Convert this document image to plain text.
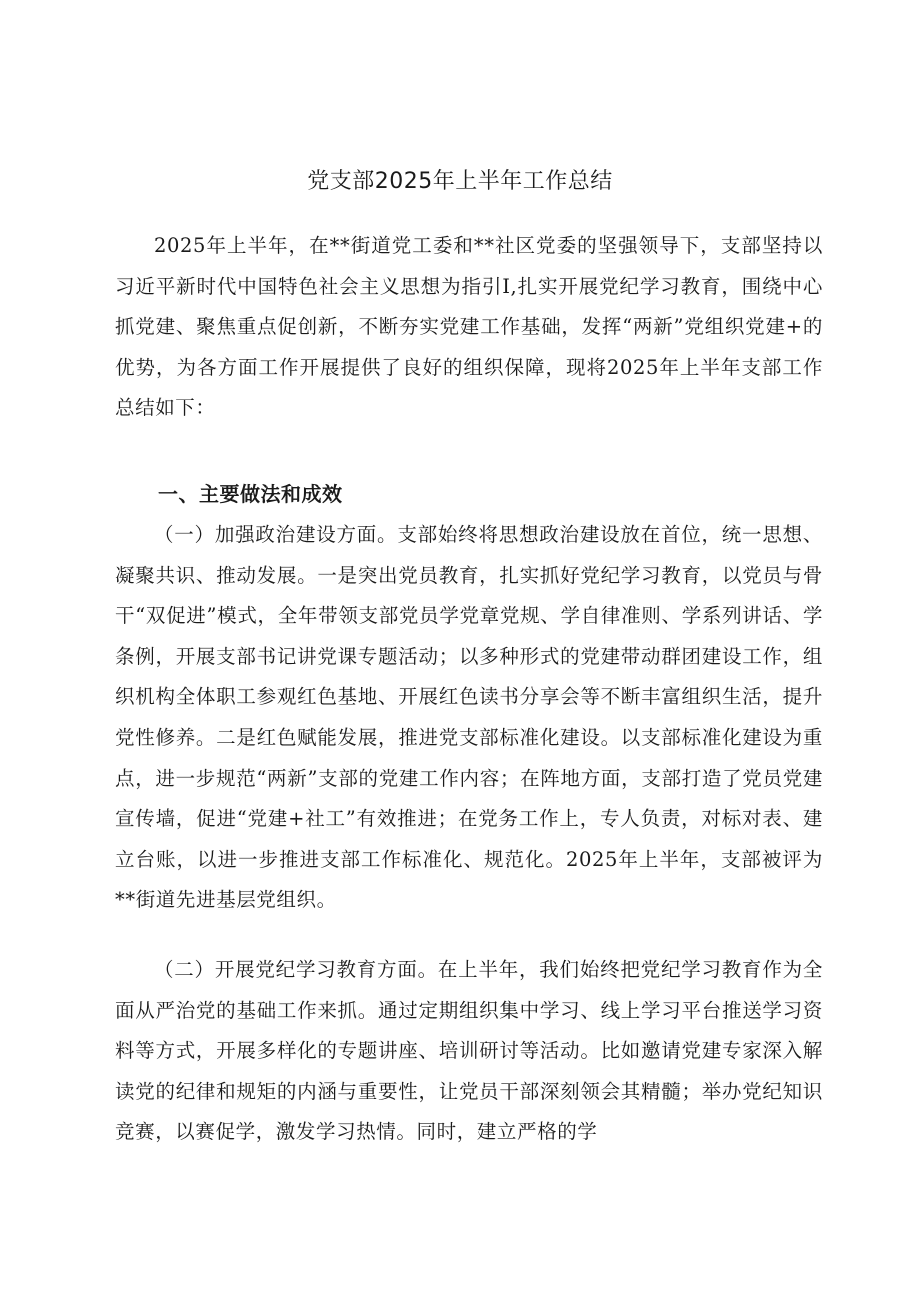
党支部2025年上半年工作总结

2025年上半年，在**街道党工委和**社区党委的坚强领导下，支部坚持以习近平新时代中国特色社会主义思想为指引I,扎实开展党纪学习教育，围绕中心抓党建、聚焦重点促创新，不断夯实党建工作基础，发挥“两新”党组织党建+的优势，为各方面工作开展提供了良好的组织保障，现将2025年上半年支部工作总结如下：

一、主要做法和成效

（一）加强政治建设方面。支部始终将思想政治建设放在首位，统一思想、凝聚共识、推动发展。一是突出党员教育，扎实抓好党纪学习教育，以党员与骨干“双促进”模式，全年带领支部党员学党章党规、学自律准则、学系列讲话、学条例，开展支部书记讲党课专题活动；以多种形式的党建带动群团建设工作，组织机构全体职工参观红色基地、开展红色读书分享会等不断丰富组织生活，提升党性修养。二是红色赋能发展，推进党支部标准化建设。以支部标准化建设为重点，进一步规范“两新”支部的党建工作内容；在阵地方面，支部打造了党员党建宣传墙，促进“党建+社工”有效推进；在党务工作上，专人负责，对标对表、建立台账，以进一步推进支部工作标准化、规范化。2025年上半年，支部被评为**街道先进基层党组织。

（二）开展党纪学习教育方面。在上半年，我们始终把党纪学习教育作为全面从严治党的基础工作来抓。通过定期组织集中学习、线上学习平台推送学习资料等方式，开展多样化的专题讲座、培训研讨等活动。比如邀请党建专家深入解读党的纪律和规矩的内涵与重要性，让党员干部深刻领会其精髓；举办党纪知识竞赛，以赛促学，激发学习热情。同时，建立严格的学
